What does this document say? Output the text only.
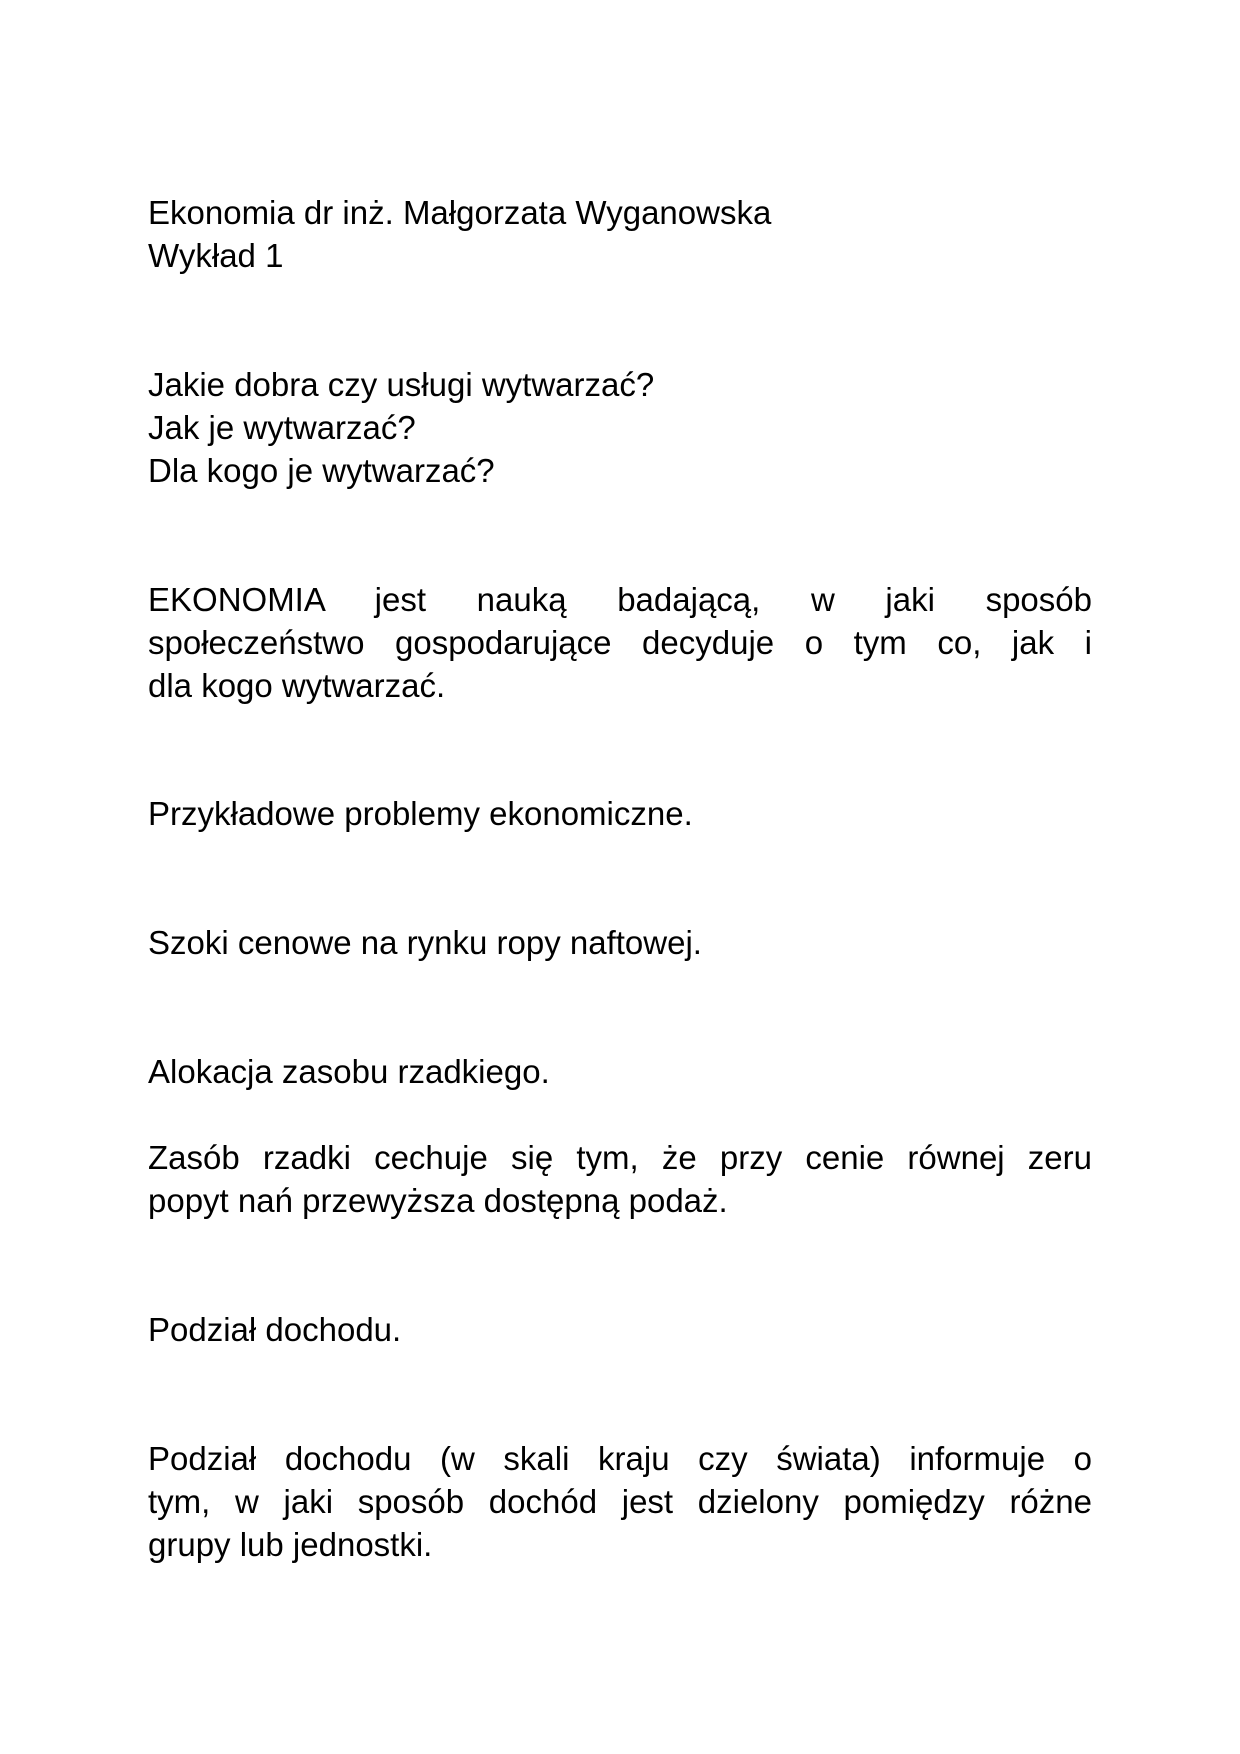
Ekonomia dr inż. Małgorzata Wyganowska
Wykład 1
Jakie dobra czy usługi wytwarzać?
Jak je wytwarzać?
Dla kogo je wytwarzać?
EKONOMIA jest nauką badającą, w jaki sposób
społeczeństwo gospodarujące decyduje o tym co, jak i
dla kogo wytwarzać.
Przykładowe problemy ekonomiczne.
Szoki cenowe na rynku ropy naftowej.
Alokacja zasobu rzadkiego.
Zasób rzadki cechuje się tym, że przy cenie równej zeru
popyt nań przewyższa dostępną podaż.
Podział dochodu.
Podział dochodu (w skali kraju czy świata) informuje o
tym, w jaki sposób dochód jest dzielony pomiędzy różne
grupy lub jednostki.
